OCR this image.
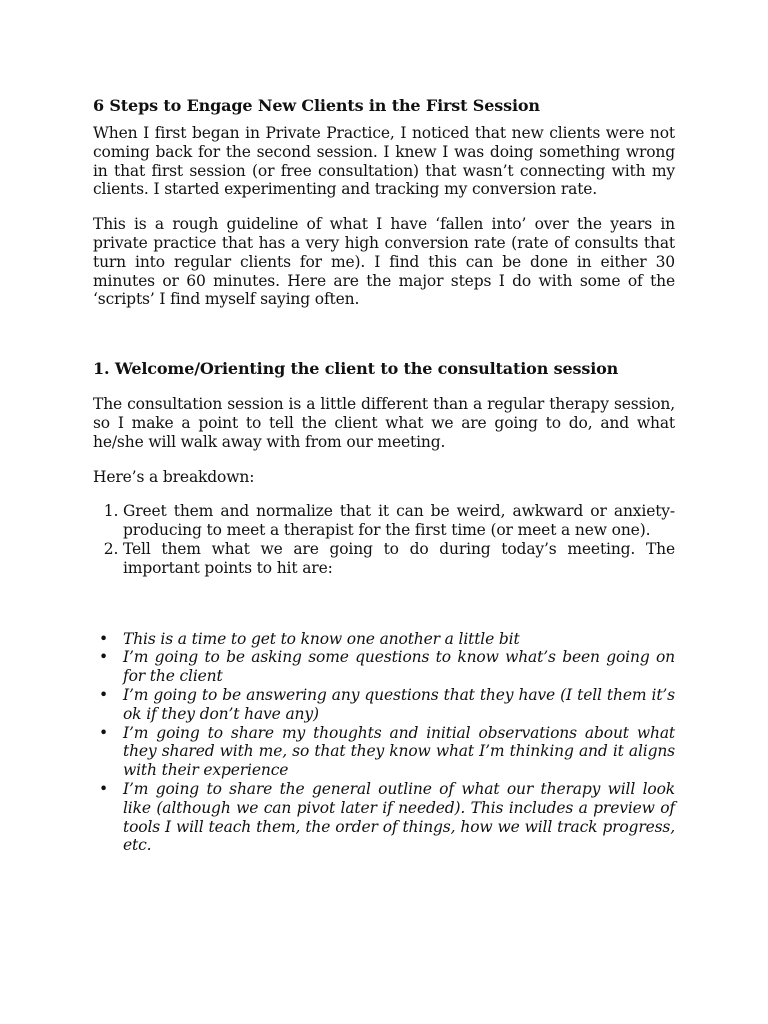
6 Steps to Engage New Clients in the First Session

When I first began in Private Practice, I noticed that new clients were not coming back for the second session. I knew I was doing something wrong in that first session (or free consultation) that wasn’t connecting with my clients. I started experimenting and tracking my conversion rate.

This is a rough guideline of what I have ‘fallen into’ over the years in private practice that has a very high conversion rate (rate of consults that turn into regular clients for me). I find this can be done in either 30 minutes or 60 minutes. Here are the major steps I do with some of the ‘scripts’ I find myself saying often.

1. Welcome/Orienting the client to the consultation session

The consultation session is a little different than a regular therapy session, so I make a point to tell the client what we are going to do, and what he/she will walk away with from our meeting.

Here’s a breakdown:

1. Greet them and normalize that it can be weird, awkward or anxiety-producing to meet a therapist for the first time (or meet a new one).
2. Tell them what we are going to do during today’s meeting. The important points to hit are:
• This is a time to get to know one another a little bit
• I’m going to be asking some questions to know what’s been going on for the client
• I’m going to be answering any questions that they have (I tell them it’s ok if they don’t have any)
• I’m going to share my thoughts and initial observations about what they shared with me, so that they know what I’m thinking and it aligns with their experience
• I’m going to share the general outline of what our therapy will look like (although we can pivot later if needed). This includes a preview of tools I will teach them, the order of things, how we will track progress, etc.
